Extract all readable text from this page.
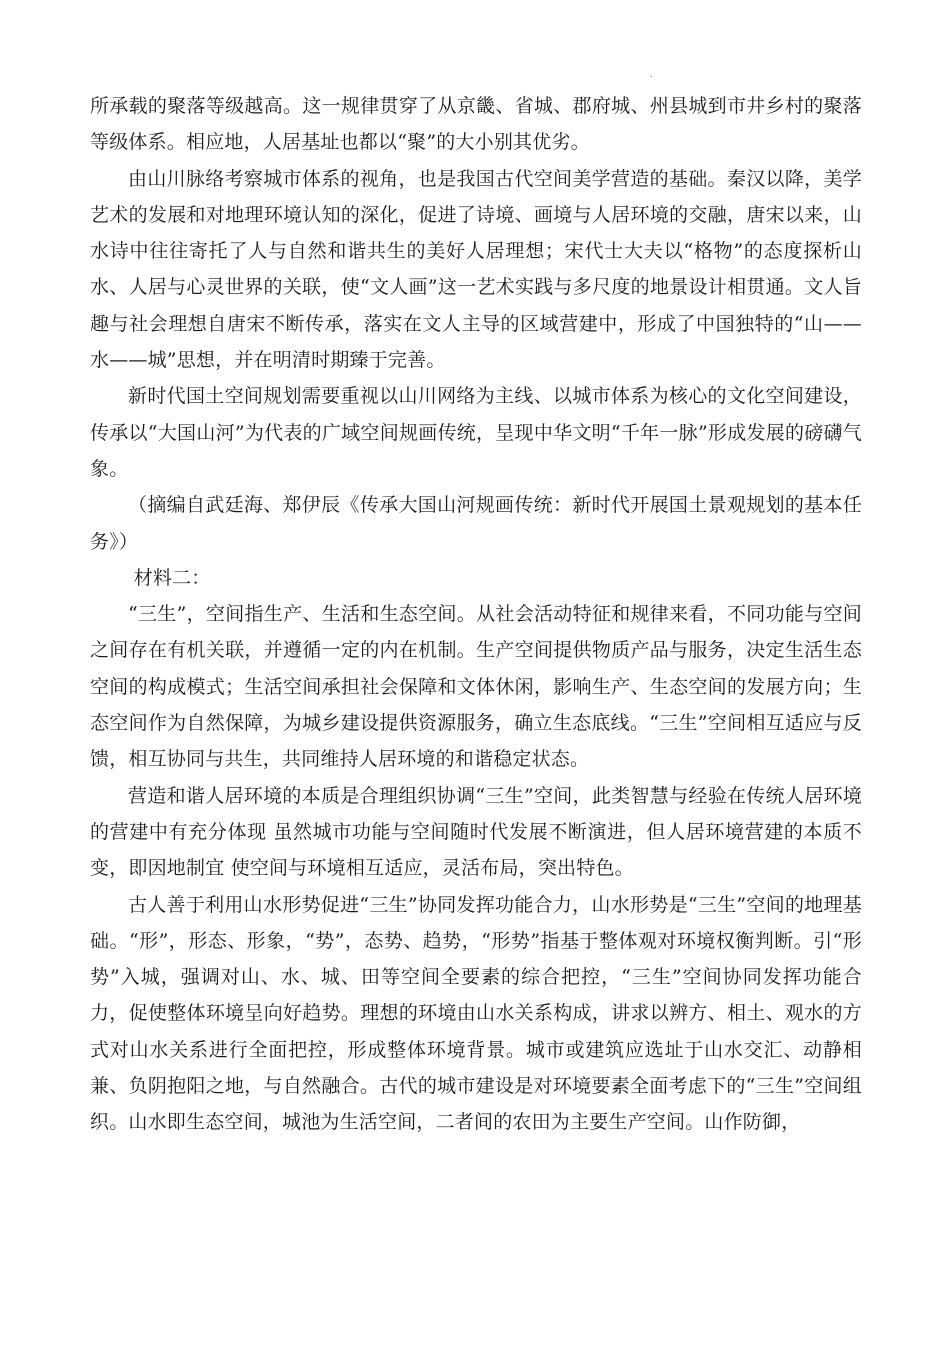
.

所承载的聚落等级越高。这一规律贯穿了从京畿、省城、郡府城、州县城到市井乡村的聚落等级体系。相应地，人居基址也都以“聚”的大小别其优劣。

由山川脉络考察城市体系的视角，也是我国古代空间美学营造的基础。秦汉以降，美学艺术的发展和对地理环境认知的深化，促进了诗境、画境与人居环境的交融，唐宋以来，山水诗中往往寄托了人与自然和谐共生的美好人居理想；宋代士大夫以“格物”的态度探析山水、人居与心灵世界的关联，使“文人画”这一艺术实践与多尺度的地景设计相贯通。文人旨趣与社会理想自唐宋不断传承，落实在文人主导的区域营建中，形成了中国独特的“山——水——城”思想，并在明清时期臻于完善。

新时代国土空间规划需要重视以山川网络为主线、以城市体系为核心的文化空间建设，传承以“大国山河”为代表的广域空间规画传统，呈现中华文明“千年一脉”形成发展的磅礴气象。

（摘编自武廷海、郑伊辰《传承大国山河规画传统：新时代开展国土景观规划的基本任务》）

材料二：

“三生”，空间指生产、生活和生态空间。从社会活动特征和规律来看，不同功能与空间之间存在有机关联，并遵循一定的内在机制。生产空间提供物质产品与服务，决定生活生态空间的构成模式；生活空间承担社会保障和文体休闲，影响生产、生态空间的发展方向；生态空间作为自然保障，为城乡建设提供资源服务，确立生态底线。“三生”空间相互适应与反馈，相互协同与共生，共同维持人居环境的和谐稳定状态。

营造和谐人居环境的本质是合理组织协调“三生”空间，此类智慧与经验在传统人居环境的营建中有充分体现 虽然城市功能与空间随时代发展不断演进，但人居环境营建的本质不变，即因地制宜 使空间与环境相互适应，灵活布局，突出特色。

古人善于利用山水形势促进“三生”协同发挥功能合力，山水形势是“三生”空间的地理基础。“形”，形态、形象，“势”，态势、趋势，“形势”指基于整体观对环境权衡判断。引“形势”入城，强调对山、水、城、田等空间全要素的综合把控，“三生”空间协同发挥功能合力，促使整体环境呈向好趋势。理想的环境由山水关系构成，讲求以辨方、相土、观水的方式对山水关系进行全面把控，形成整体环境背景。城市或建筑应选址于山水交汇、动静相兼、负阴抱阳之地，与自然融合。古代的城市建设是对环境要素全面考虑下的“三生”空间组织。山水即生态空间，城池为生活空间，二者间的农田为主要生产空间。山作防御，
